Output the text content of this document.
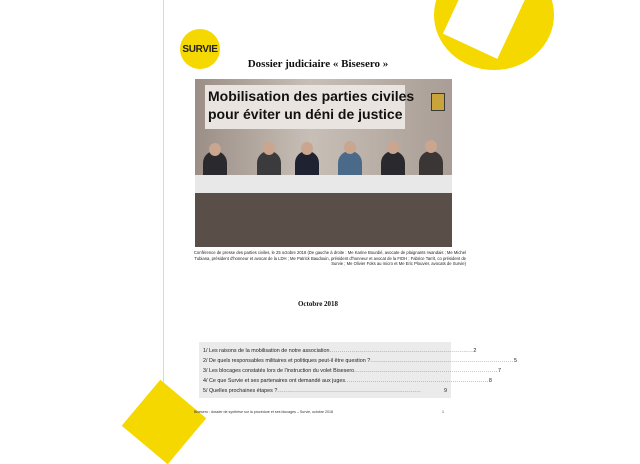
SURVIE
Dossier judiciaire « Bisesero »
Mobilisation des parties civiles
pour éviter un déni de justice
Conférence de presse des parties civiles, le 25 octobre 2018 (De gauche à droite : Me Karine Bourdié, avocate de plaignants rwandais ; Me Michel Tubiana, président d'honneur et avocat de la LDH ; Me Patrick Baudouin, président d'honneur et avocat de la FIDH ; Fabrice Tarrit, co président de Survie ; Me Olivier Foks au micro et Me Eric Plouvier, avocats de Survie)
Octobre 2018
1/ Les raisons de la mobilisation de notre association ........................................................................ 2
2/ De quels responsables militaires et politiques peut-il être question ? ........................................................................ 5
3/ Les blocages constatés lors de l'instruction du volet Bisesero ........................................................................ 7
4/ Ce que Survie et ses partenaires ont demandé aux juges ........................................................................ 8
5/ Quelles prochaines étapes ? ........................................................................	9
Bisesero : dossier de synthèse sur la procédure et ses blocages – Survie, octobre 2018	1
